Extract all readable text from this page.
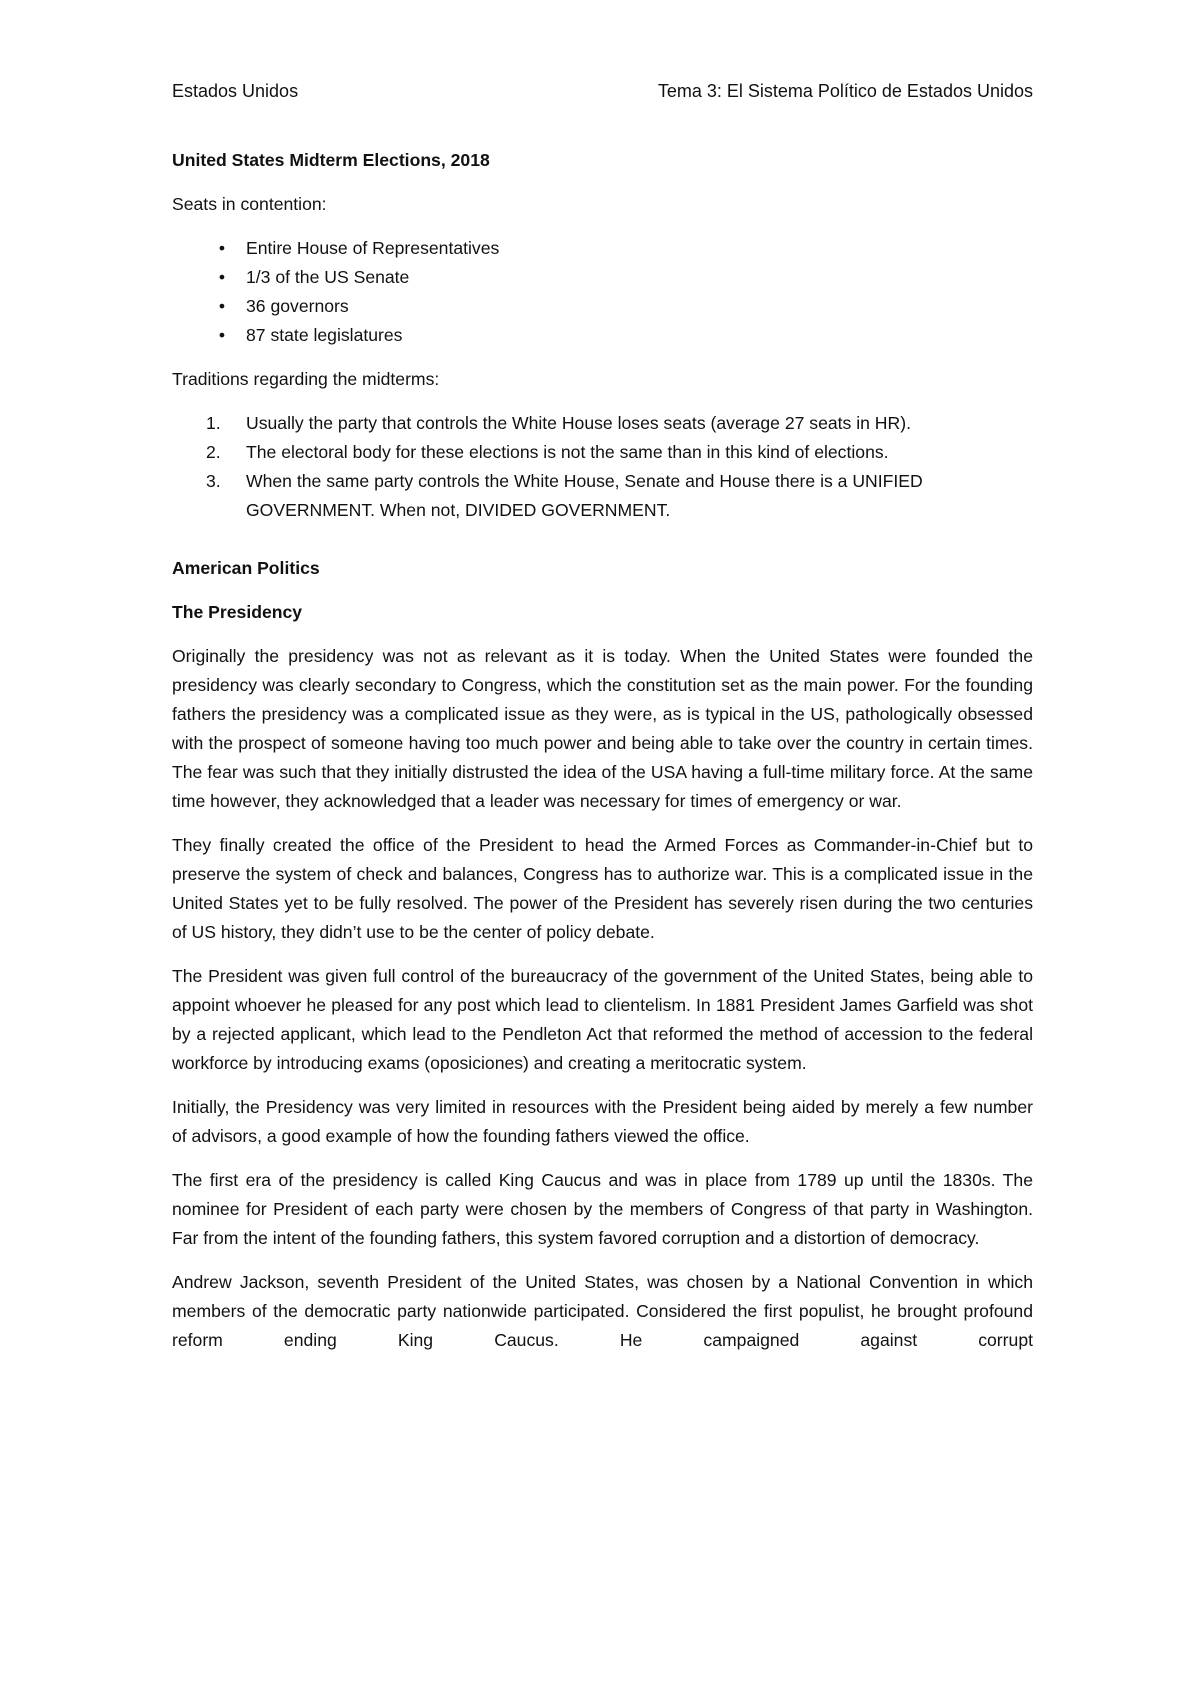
Estados Unidos	Tema 3: El Sistema Político de Estados Unidos
United States Midterm Elections, 2018

Seats in contention:

• Entire House of Representatives
• 1/3 of the US Senate
• 36 governors
• 87 state legislatures

Traditions regarding the midterms:

1. Usually the party that controls the White House loses seats (average 27 seats in HR).
2. The electoral body for these elections is not the same than in this kind of elections.
3. When the same party controls the White House, Senate and House there is a UNIFIED GOVERNMENT. When not, DIVIDED GOVERNMENT.
American Politics
The Presidency

Originally the presidency was not as relevant as it is today. When the United States were founded the presidency was clearly secondary to Congress, which the constitution set as the main power. For the founding fathers the presidency was a complicated issue as they were, as is typical in the US, pathologically obsessed with the prospect of someone having too much power and being able to take over the country in certain times. The fear was such that they initially distrusted the idea of the USA having a full-time military force. At the same time however, they acknowledged that a leader was necessary for times of emergency or war.

They finally created the office of the President to head the Armed Forces as Commander-in-Chief but to preserve the system of check and balances, Congress has to authorize war. This is a complicated issue in the United States yet to be fully resolved. The power of the President has severely risen during the two centuries of US history, they didn’t use to be the center of policy debate.

The President was given full control of the bureaucracy of the government of the United States, being able to appoint whoever he pleased for any post which lead to clientelism. In 1881 President James Garfield was shot by a rejected applicant, which lead to the Pendleton Act that reformed the method of accession to the federal workforce by introducing exams (oposiciones) and creating a meritocratic system.

Initially, the Presidency was very limited in resources with the President being aided by merely a few number of advisors, a good example of how the founding fathers viewed the office.

The first era of the presidency is called King Caucus and was in place from 1789 up until the 1830s. The nominee for President of each party were chosen by the members of Congress of that party in Washington. Far from the intent of the founding fathers, this system favored corruption and a distortion of democracy.

Andrew Jackson, seventh President of the United States, was chosen by a National Convention in which members of the democratic party nationwide participated. Considered the first populist, he brought profound reform ending King Caucus. He campaigned against corrupt
